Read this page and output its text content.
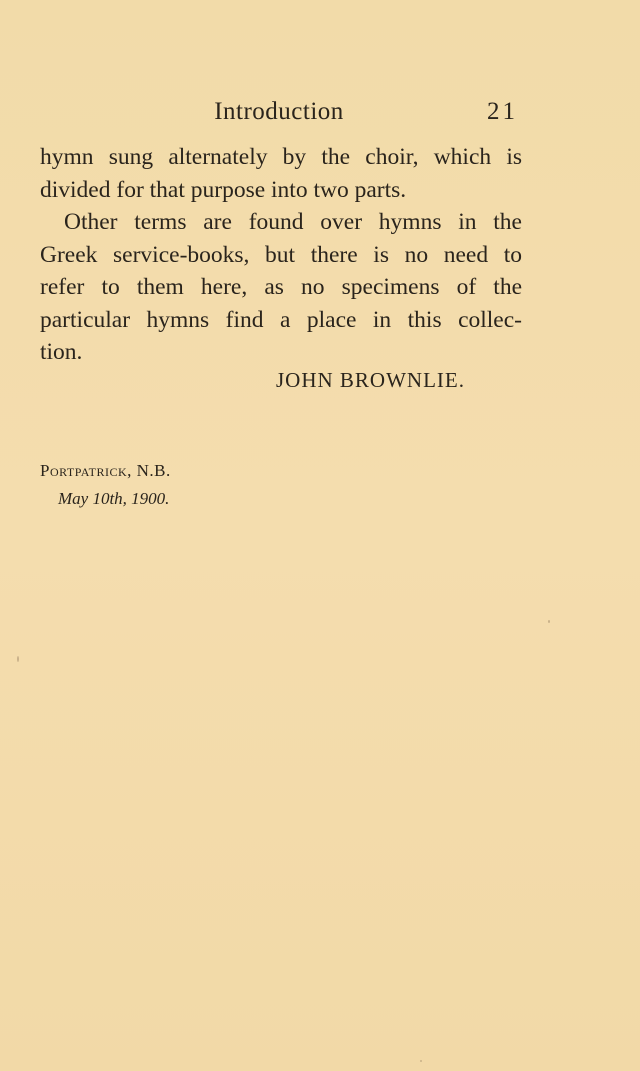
Introduction	21

hymn sung alternately by the choir, which is
divided for that purpose into two parts.

Other terms are found over hymns in the
Greek service-books, but there is no need to
refer to them here, as no specimens of the
particular hymns find a place in this collec-
tion.

JOHN BROWNLIE.
Portpatrick, N.B.
May 10th, 1900.
